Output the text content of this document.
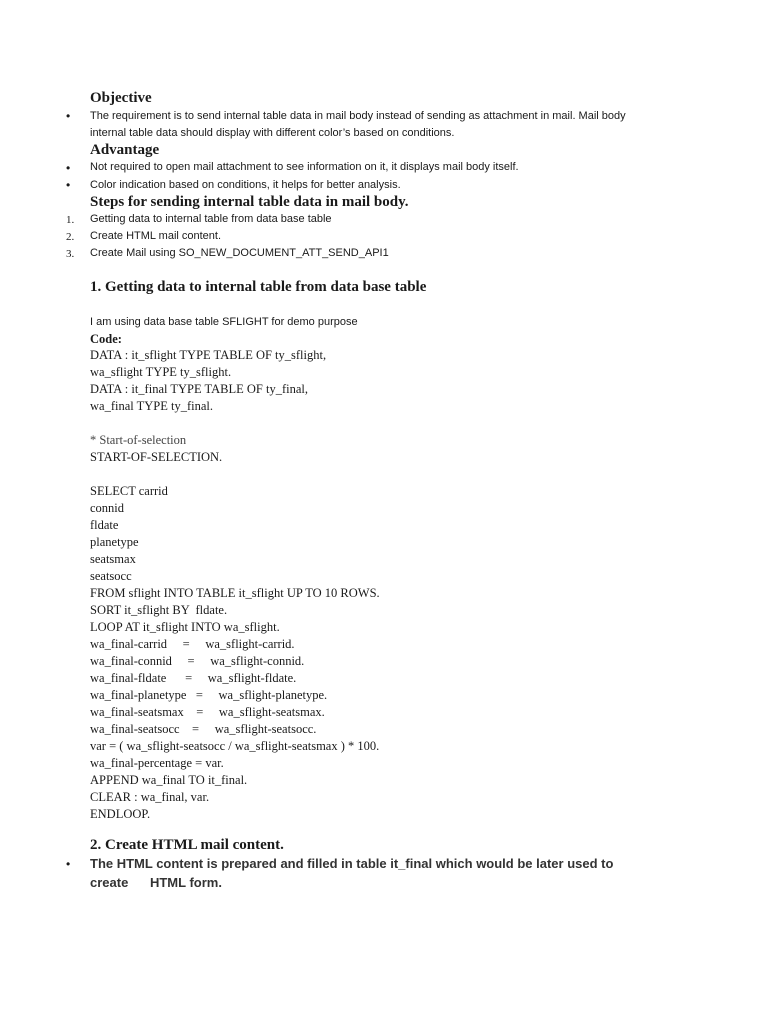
Objective
• The requirement is to send internal table data in mail body instead of sending as attachment in mail. Mail body
internal table data should display with different color’s based on conditions.
Advantage
• Not required to open mail attachment to see information on it, it displays mail body itself.
• Color indication based on conditions, it helps for better analysis.
Steps for sending internal table data in mail body.
1. Getting data to internal table from data base table
2. Create HTML mail content.
3. Create Mail using SO_NEW_DOCUMENT_ATT_SEND_API1
1. Getting data to internal table from data base table
I am using data base table SFLIGHT for demo purpose
Code:
DATA : it_sflight TYPE TABLE OF ty_sflight,
wa_sflight TYPE ty_sflight.
DATA : it_final TYPE TABLE OF ty_final,
wa_final TYPE ty_final.
* Start-of-selection
START-OF-SELECTION.
SELECT carrid
connid
fldate
planetype
seatsmax
seatsocc
FROM sflight INTO TABLE it_sflight UP TO 10 ROWS.
SORT it_sflight BY  fldate.
LOOP AT it_sflight INTO wa_sflight.
wa_final-carrid     =     wa_sflight-carrid.
wa_final-connid     =     wa_sflight-connid.
wa_final-fldate      =     wa_sflight-fldate.
wa_final-planetype   =     wa_sflight-planetype.
wa_final-seatsmax    =     wa_sflight-seatsmax.
wa_final-seatsocc    =     wa_sflight-seatsocc.
var = ( wa_sflight-seatsocc / wa_sflight-seatsmax ) * 100.
wa_final-percentage = var.
APPEND wa_final TO it_final.
CLEAR : wa_final, var.
ENDLOOP.
2. Create HTML mail content.
• The HTML content is prepared and filled in table it_final which would be later used to
create      HTML form.
